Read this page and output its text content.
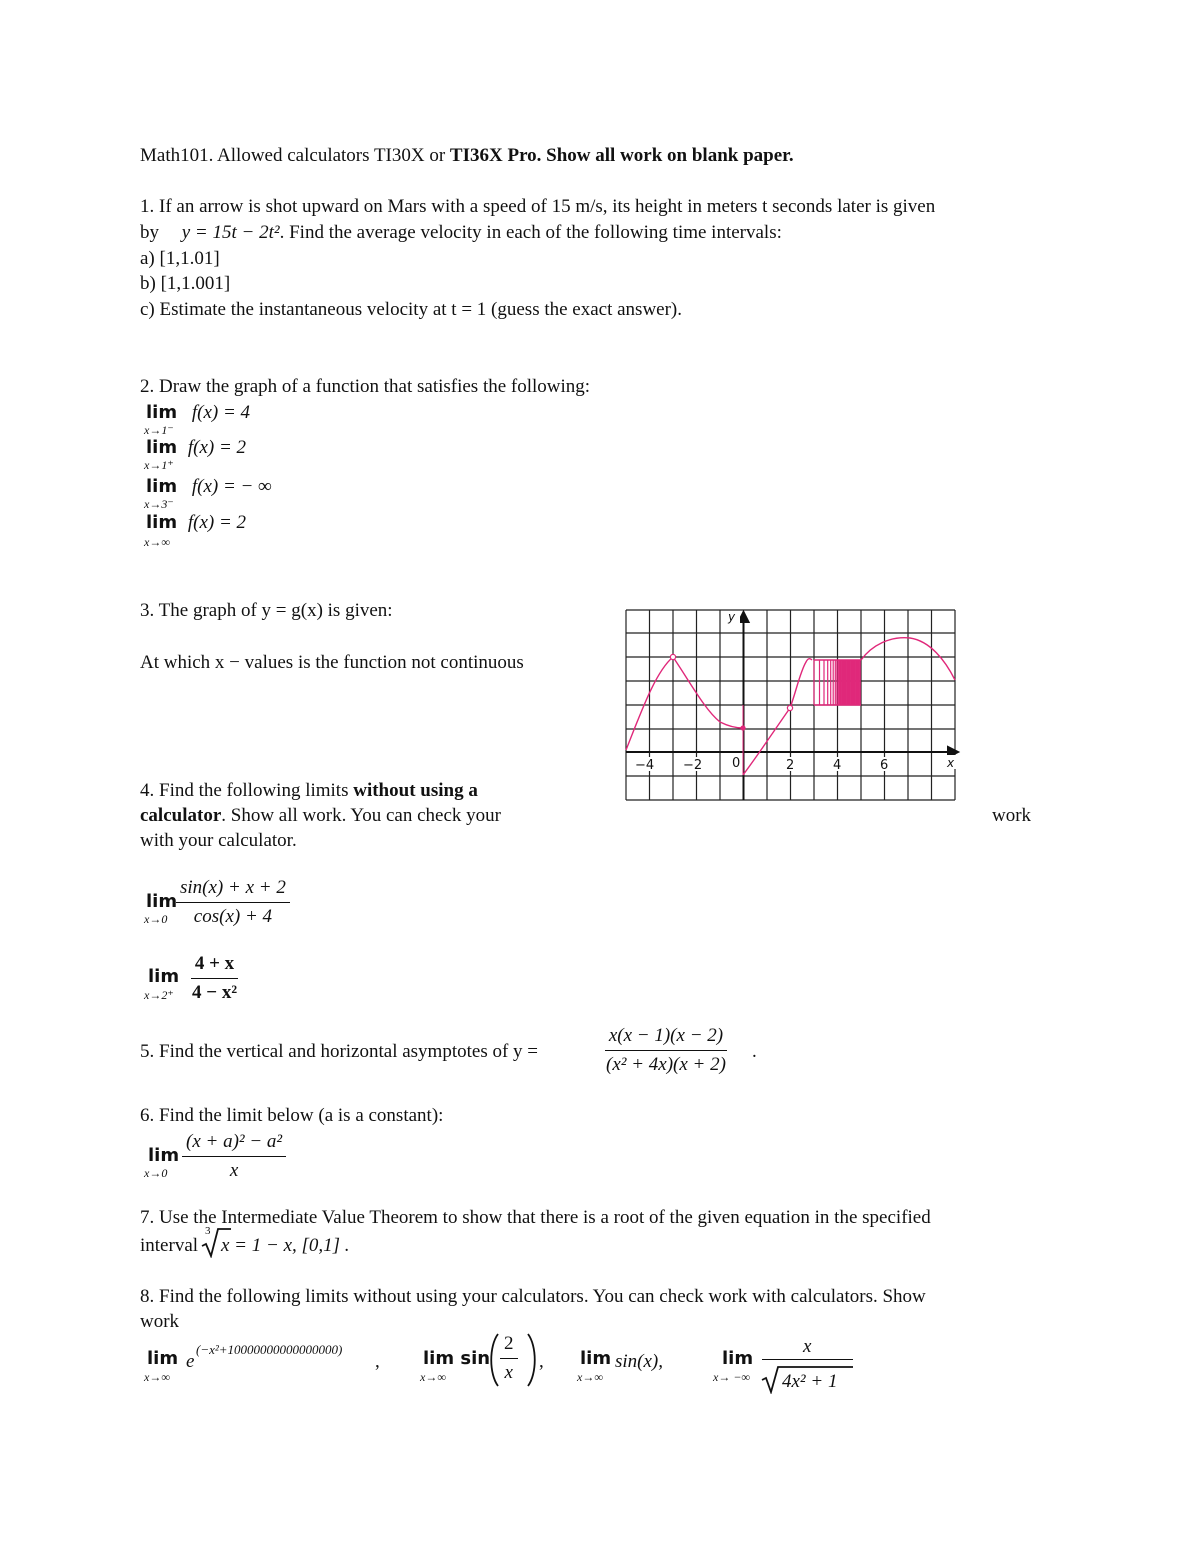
Math101. Allowed calculators TI30X or TI36X Pro. Show all work on blank paper.
1. If an arrow is shot upward on Mars with a speed of 15 m/s, its height in meters t seconds later is given
by y = 15t − 2t². Find the average velocity in each of the following time intervals:
a) [1,1.01]
b) [1,1.001]
c) Estimate the instantaneous velocity at t = 1 (guess the exact answer).
2. Draw the graph of a function that satisfies the following:
lim f(x) = 4
x→1⁻
lim f(x) = 2
x→1⁺
lim f(x) = − ∞
x→3⁻
lim f(x) = 2
x→∞
3. The graph of y = g(x) is given:
At which x − values is the function not continuous
−4 −2 0	2	4	6	x
y
4. Find the following limits without using a
calculator. Show all work. You can check your	work
with your calculator.
lim
$x\to 0 \frac{\sin(x) + x + 2}{\cos(x) + 4}$
lim
$x\to 2^+ \frac{4 + x}{\text{4 − x²}}$
5. Find the vertical and horizontal asymptotes of y =	$\frac{x(x - 1)(x - 2)}{\text{(x² + 4x)(x + 2)}}$ .
6. Find the limit below (a is a constant):
lim
$x\to 0 \frac{\text{(x + a)² − a²}}{x}$
7. Use the Intermediate Value Theorem to show that there is a root of the given equation in the specified
interval
3
x = 1 − x, [0,1] .
8. Find the following limits without using your calculators. You can check work with calculators. Show
work
lim
x→∞
e
(−x²+10000000000000000)
, lim sin
x→∞	$\frac{2}{x}$ , lim
x→∞
sin(x),	lim
x→ −∞
x
4x² + 1
